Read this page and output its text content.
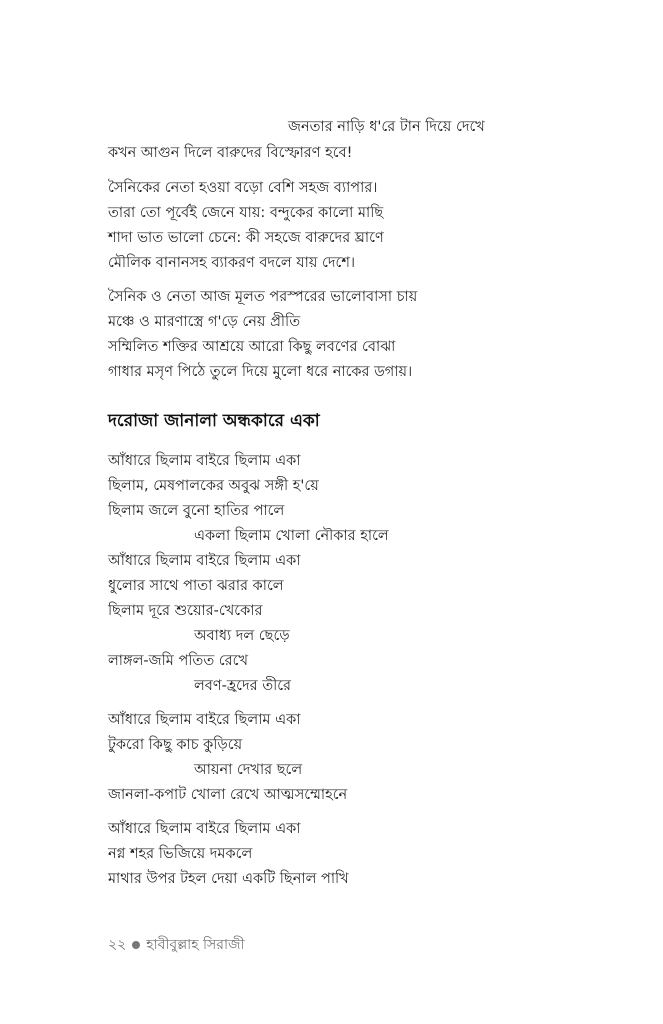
জনতার নাড়ি ধ'রে টান দিয়ে দেখে
কখন আগুন দিলে বারুদের বিস্ফোরণ হবে!
সৈনিকের নেতা হওয়া বড়ো বেশি সহজ ব্যাপার।
তারা তো পূর্বেই জেনে যায়: বন্দুকের কালো মাছি
শাদা ভাত ভালো চেনে: কী সহজে বারুদের ঘ্রাণে
মৌলিক বানানসহ ব্যাকরণ বদলে যায় দেশে।
সৈনিক ও নেতা আজ মূলত পরস্পরের ভালোবাসা চায়
মঞ্চে ও মারণাস্ত্রে গ'ড়ে নেয় প্রীতি
সম্মিলিত শক্তির আশ্রয়ে আরো কিছু লবণের বোঝা
গাধার মসৃণ পিঠে তুলে দিয়ে মুলো ধরে নাকের ডগায়।
দরোজা জানালা অন্ধকারে একা
আঁধারে ছিলাম বাইরে ছিলাম একা
ছিলাম, মেষপালকের অবুঝ সঙ্গী হ'য়ে
ছিলাম জলে বুনো হাতির পালে
একলা ছিলাম খোলা নৌকার হালে
আঁধারে ছিলাম বাইরে ছিলাম একা
ধুলোর সাথে পাতা ঝরার কালে
ছিলাম দূরে শুয়োর-খেকোর
অবাধ্য দল ছেড়ে
লাঙ্গল-জমি পতিত রেখে
লবণ-হ্রদের তীরে
আঁধারে ছিলাম বাইরে ছিলাম একা
টুকরো কিছু কাচ কুড়িয়ে
আয়না দেখার ছলে
জানলা-কপাট খোলা রেখে আত্মসম্মোহনে
আঁধারে ছিলাম বাইরে ছিলাম একা
নগ্ন শহর ভিজিয়ে দমকলে
মাথার উপর টহল দেয়া একটি ছিনাল পাখি
২২ হাবীবুল্লাহ সিরাজী
